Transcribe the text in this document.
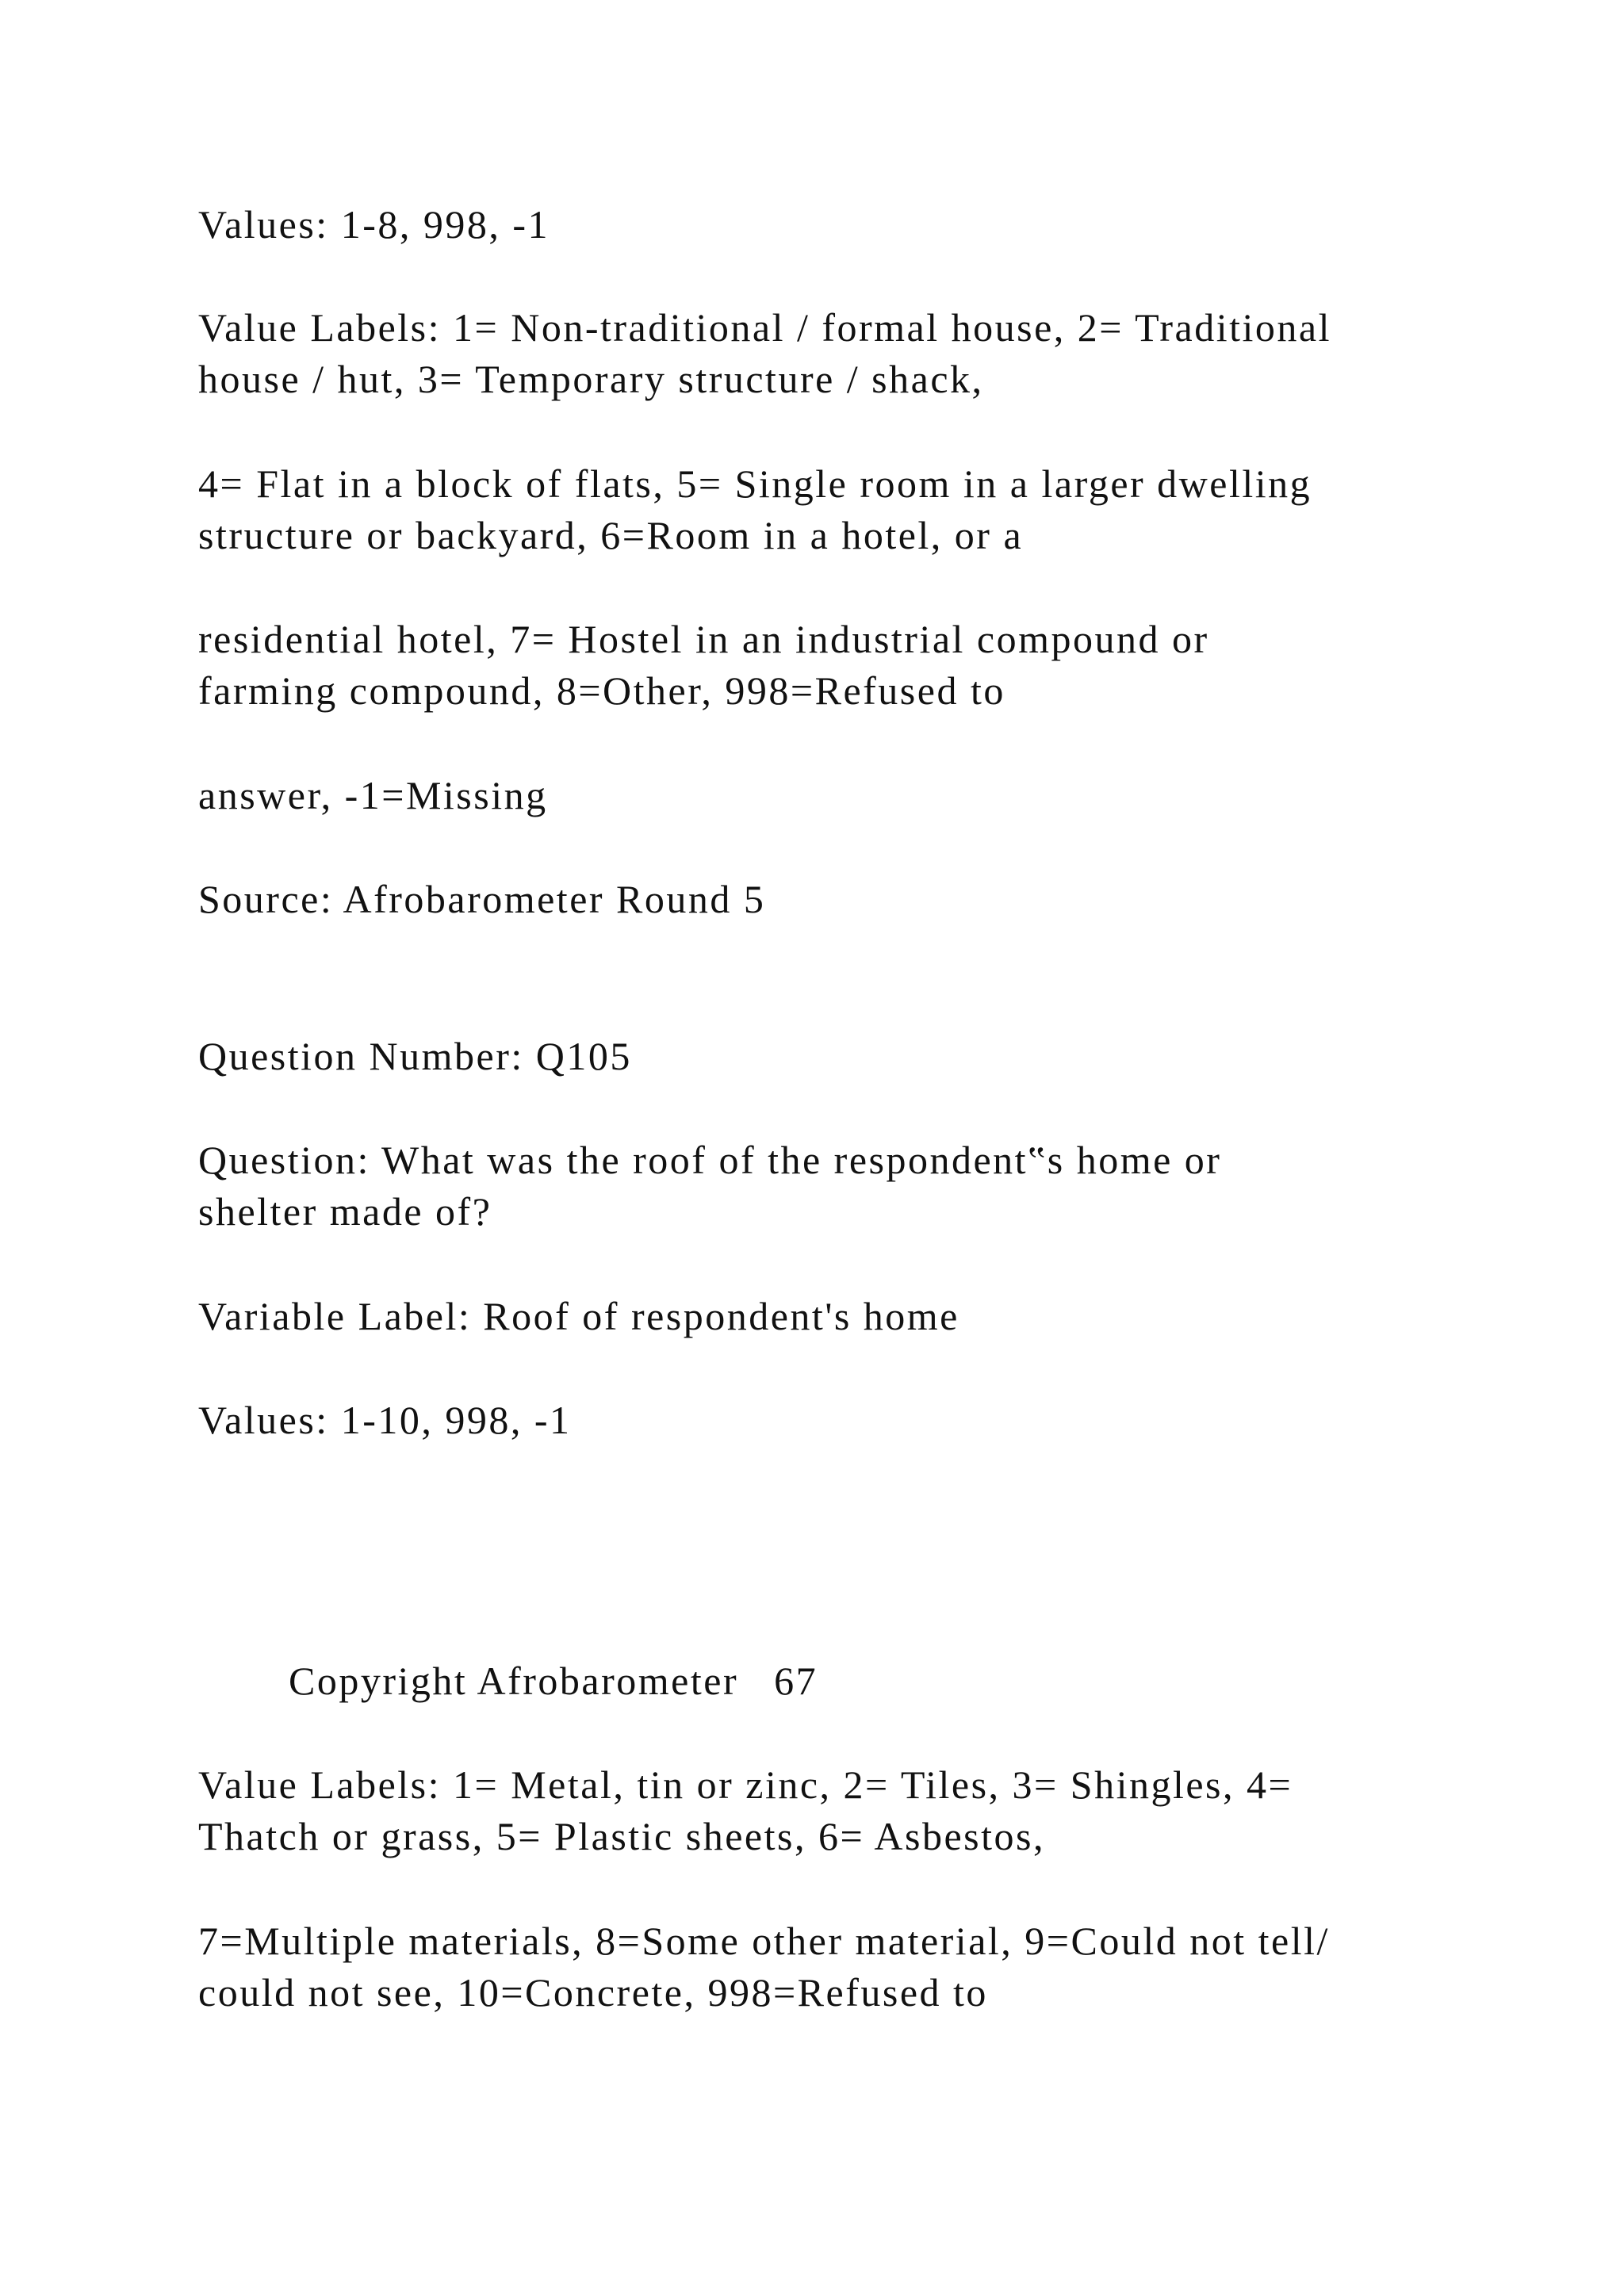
Values: 1-8, 998, -1

Value Labels: 1= Non-traditional / formal house, 2= Traditional

house / hut, 3= Temporary structure / shack,

4= Flat in a block of flats, 5= Single room in a larger dwelling

structure or backyard, 6=Room in a hotel, or a

residential hotel, 7= Hostel in an industrial compound or

farming compound, 8=Other, 998=Refused to

answer, -1=Missing

Source: Afrobarometer Round 5

Question Number: Q105

Question: What was the roof of the respondent‟s home or

shelter made of?

Variable Label: Roof of respondent's home

Values: 1-10, 998, -1

Copyright Afrobarometer   67

Value Labels: 1= Metal, tin or zinc, 2= Tiles, 3= Shingles, 4=

Thatch or grass, 5= Plastic sheets, 6= Asbestos,

7=Multiple materials, 8=Some other material, 9=Could not tell/

could not see, 10=Concrete, 998=Refused to
